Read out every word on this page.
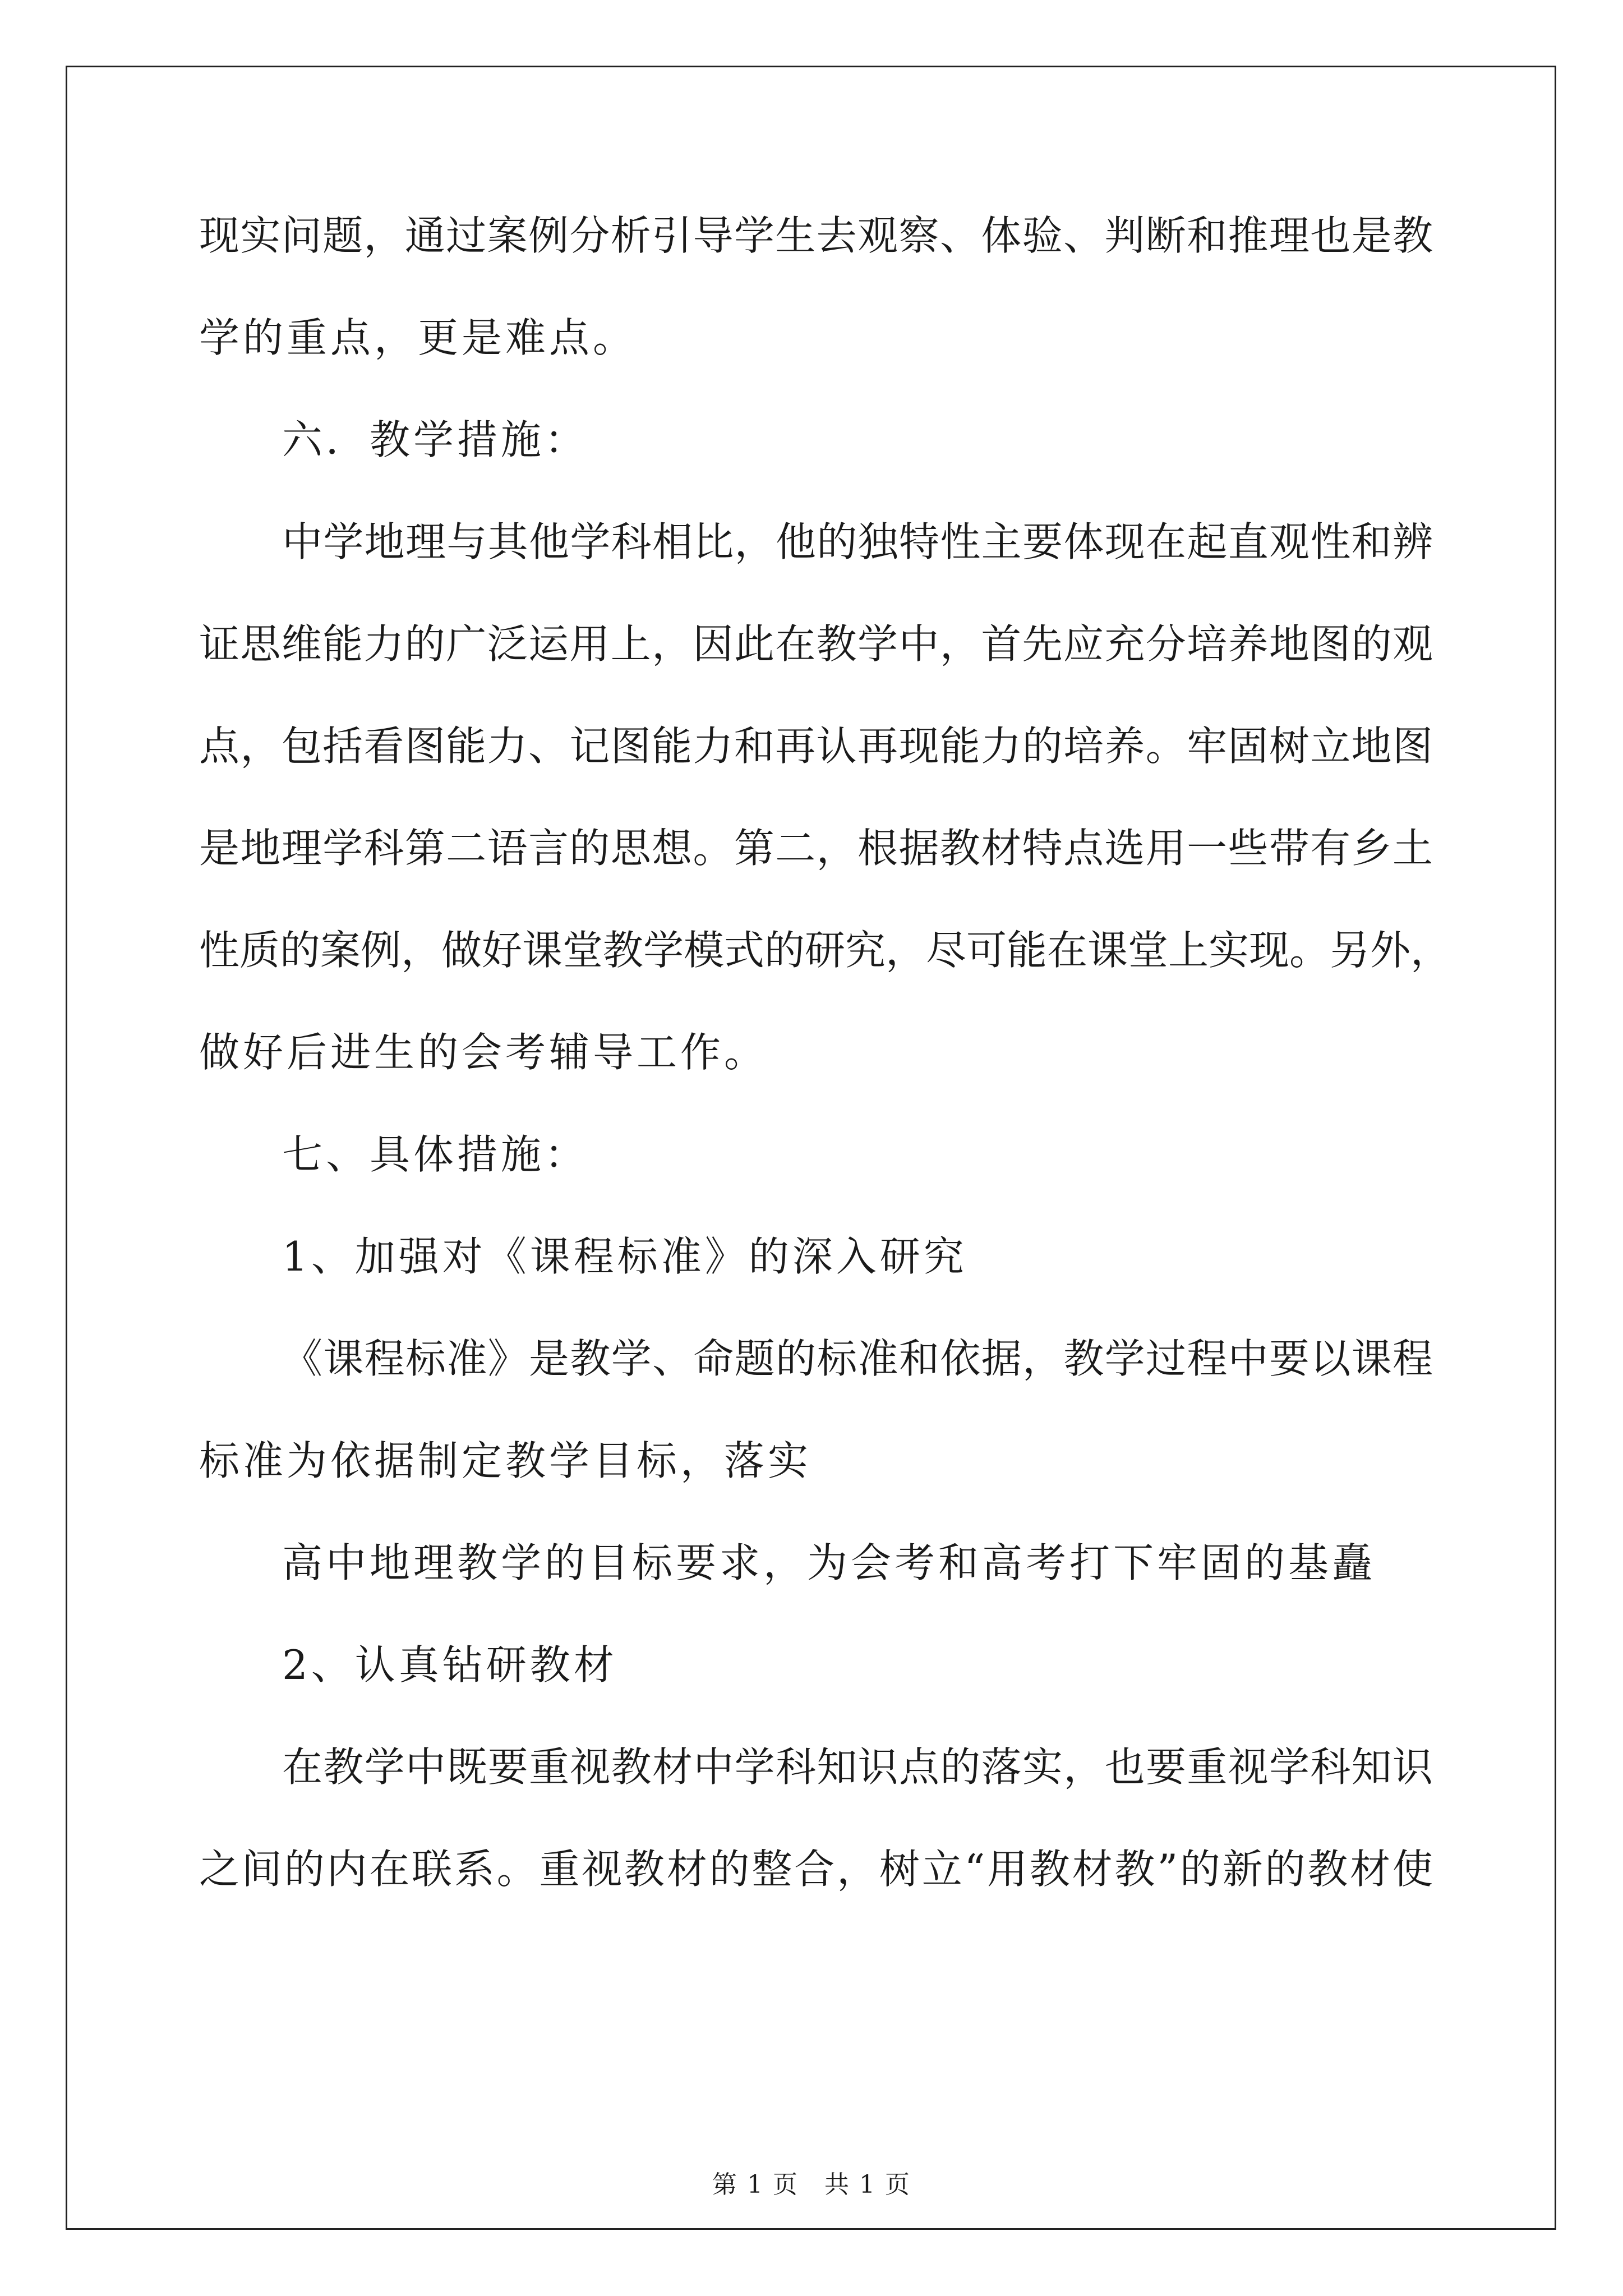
现实问题，通过案例分析引导学生去观察、体验、判断和推理也是教

学的重点，更是难点。

六．教学措施：

中学地理与其他学科相比，他的独特性主要体现在起直观性和辨

证思维能力的广泛运用上，因此在教学中，首先应充分培养地图的观

点，包括看图能力、记图能力和再认再现能力的培养。牢固树立地图

是地理学科第二语言的思想。第二，根据教材特点选用一些带有乡土

性质的案例，做好课堂教学模式的研究，尽可能在课堂上实现。另外，

做好后进生的会考辅导工作。

七、具体措施：

1、加强对《课程标准》的深入研究

《课程标准》是教学、命题的标准和依据，教学过程中要以课程

标准为依据制定教学目标，落实

高中地理教学的目标要求，为会考和高考打下牢固的基矗

2、认真钻研教材

在教学中既要重视教材中学科知识点的落实，也要重视学科知识

之间的内在联系。重视教材的整合，树立“用教材教”的新的教材使

第 1 页 共 1 页
